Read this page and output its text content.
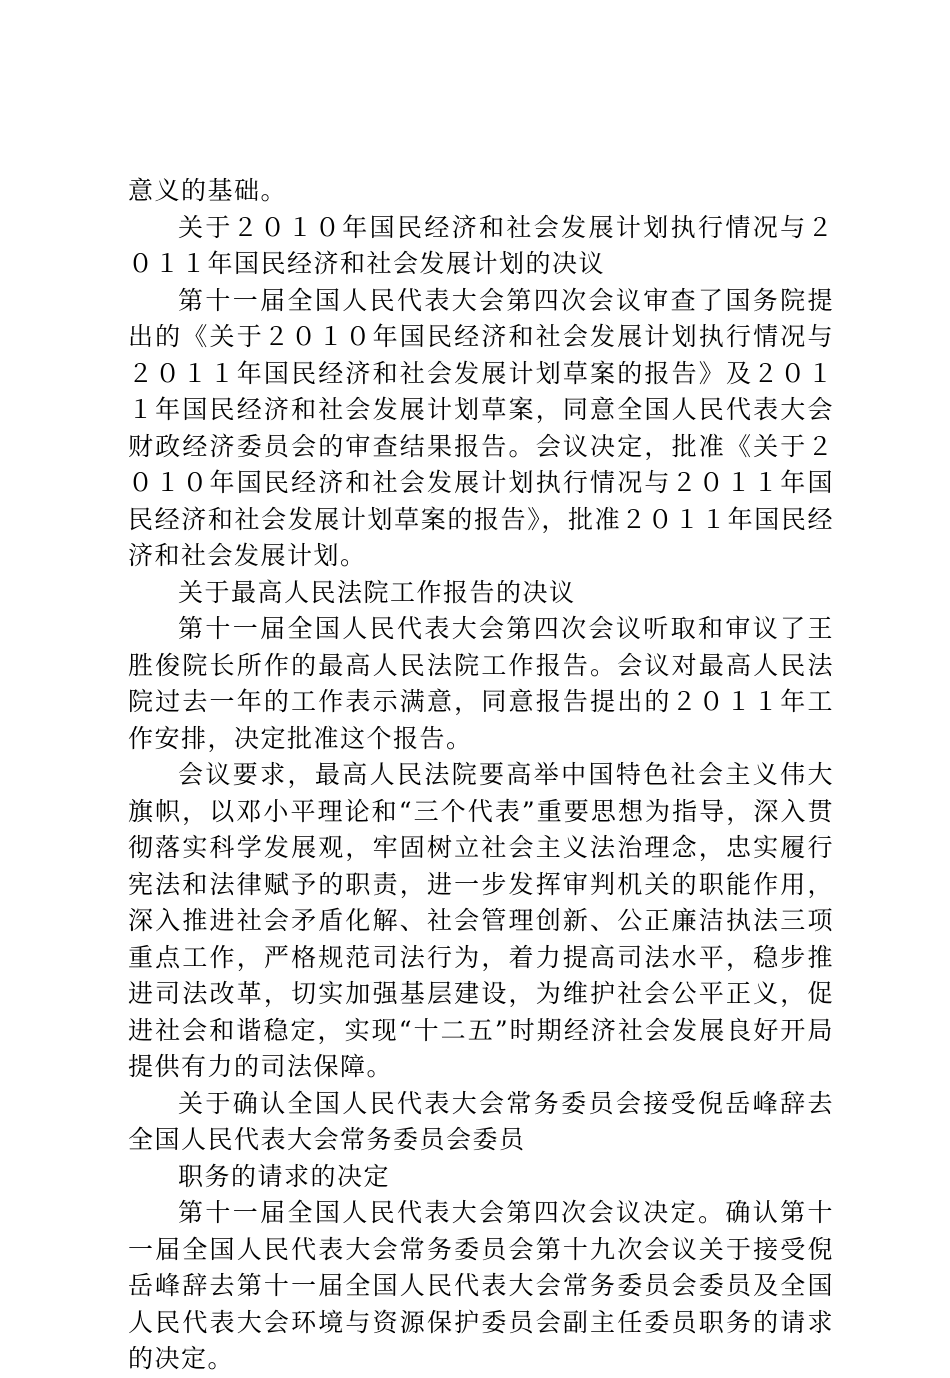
意义的基础。

关于２０１０年国民经济和社会发展计划执行情况与２０１１年国民经济和社会发展计划的决议

第十一届全国人民代表大会第四次会议审查了国务院提出的《关于２０１０年国民经济和社会发展计划执行情况与２０１１年国民经济和社会发展计划草案的报告》及２０１１年国民经济和社会发展计划草案，同意全国人民代表大会财政经济委员会的审查结果报告。会议决定，批准《关于２０１０年国民经济和社会发展计划执行情况与２０１１年国民经济和社会发展计划草案的报告》，批准２０１１年国民经济和社会发展计划。

关于最高人民法院工作报告的决议

第十一届全国人民代表大会第四次会议听取和审议了王胜俊院长所作的最高人民法院工作报告。会议对最高人民法院过去一年的工作表示满意，同意报告提出的２０１１年工作安排，决定批准这个报告。

会议要求，最高人民法院要高举中国特色社会主义伟大旗帜，以邓小平理论和“三个代表”重要思想为指导，深入贯彻落实科学发展观，牢固树立社会主义法治理念，忠实履行宪法和法律赋予的职责，进一步发挥审判机关的职能作用，深入推进社会矛盾化解、社会管理创新、公正廉洁执法三项重点工作，严格规范司法行为，着力提高司法水平，稳步推进司法改革，切实加强基层建设，为维护社会公平正义，促进社会和谐稳定，实现“十二五”时期经济社会发展良好开局提供有力的司法保障。

关于确认全国人民代表大会常务委员会接受倪岳峰辞去全国人民代表大会常务委员会委员

职务的请求的决定

第十一届全国人民代表大会第四次会议决定。确认第十一届全国人民代表大会常务委员会第十九次会议关于接受倪岳峰辞去第十一届全国人民代表大会常务委员会委员及全国人民代表大会环境与资源保护委员会副主任委员职务的请求的决定。
